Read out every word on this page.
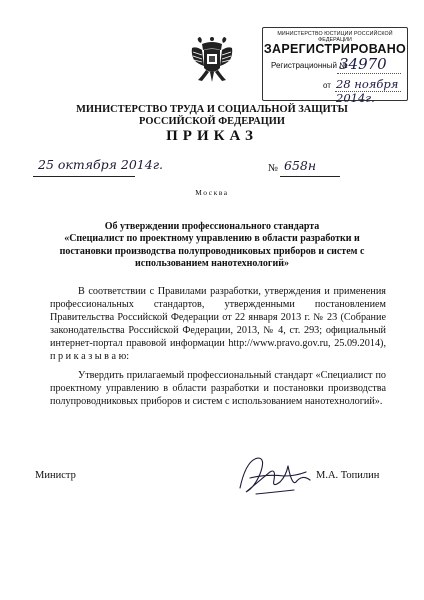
МИНИСТЕРСТВО ЮСТИЦИИ РОССИЙСКОЙ ФЕДЕРАЦИИ
ЗАРЕГИСТРИРОВАНО
Регистрационный №
34970
от 28 ноября 2014г.
МИНИСТЕРСТВО ТРУДА И СОЦИАЛЬНОЙ ЗАЩИТЫ
РОССИЙСКОЙ ФЕДЕРАЦИИ
ПРИКАЗ
25 октября 2014г.	№ 658н
Москва
Об утверждении профессионального стандарта
«Специалист по проектному управлению в области разработки и
постановки производства полупроводниковых приборов и систем с
использованием нанотехнологий»

В соответствии с Правилами разработки, утверждения и применения профессиональных стандартов, утвержденными постановлением Правительства Российской Федерации от 22 января 2013 г. № 23 (Собрание законодательства Российской Федерации, 2013, № 4, ст. 293; официальный интернет-портал правовой информации http://www.pravo.gov.ru, 25.09.2014), п р и к а з ы в а ю:

Утвердить прилагаемый профессиональный стандарт «Специалист по проектному управлению в области разработки и постановки производства полупроводниковых приборов и систем с использованием нанотехнологий».

Министр	М.А. Топилин
